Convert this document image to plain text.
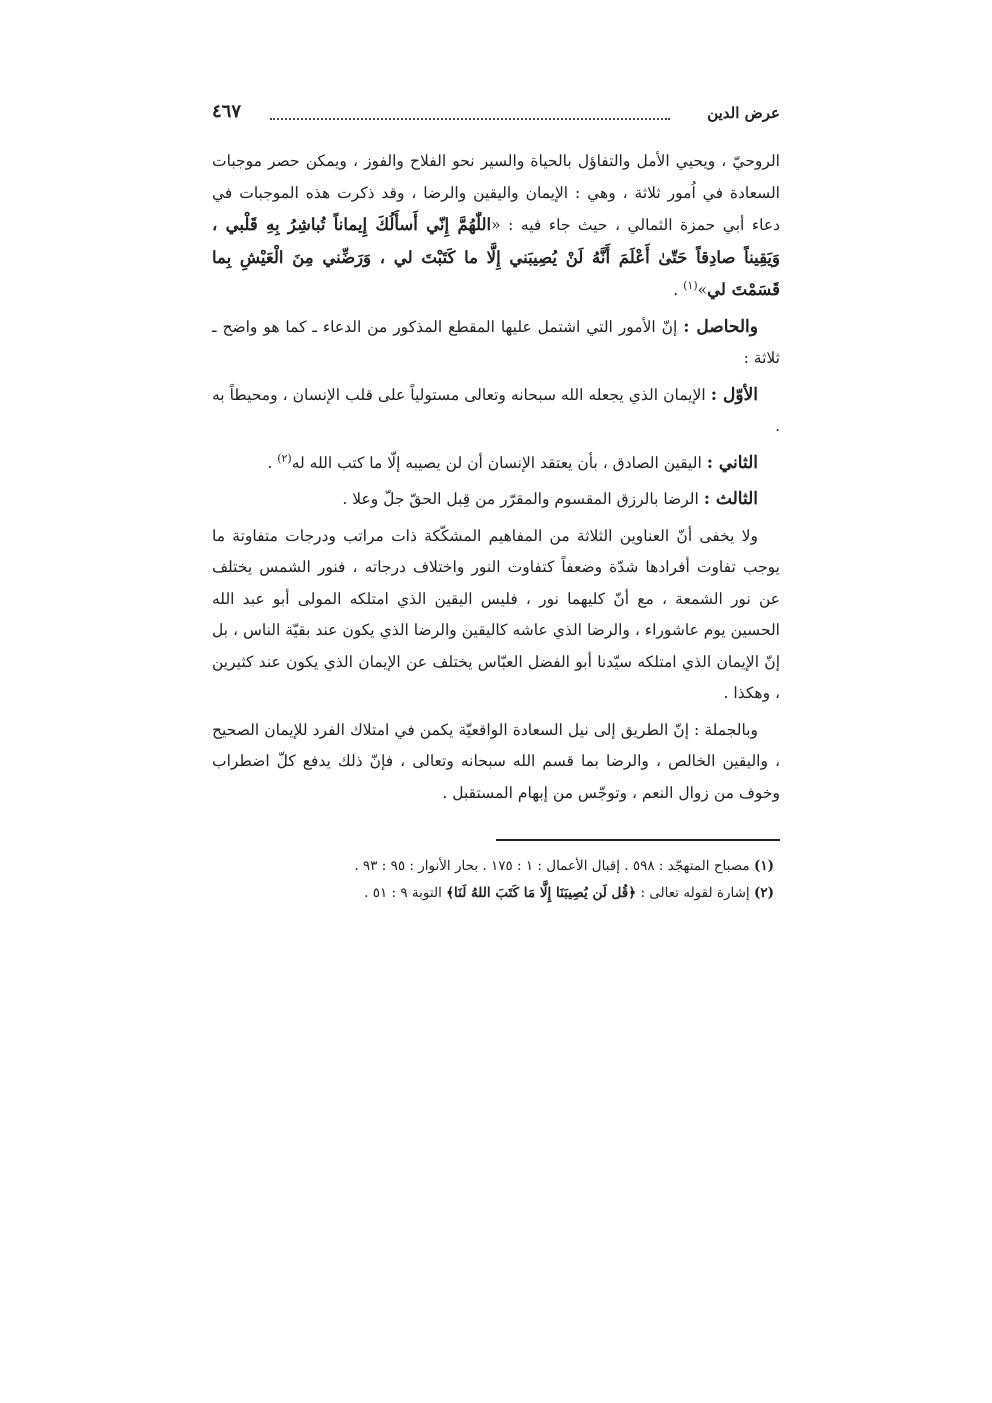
عرض الدين
٤٦٧

الروحيّ ، ويحيي الأمل والتفاؤل بالحياة والسير نحو الفلاح والفوز ، ويمكن حصر موجبات السعادة في اُمور ثلاثة ، وهي : الإيمان واليقين والرضا ، وقد ذكرت هذه الموجبات في دعاء أبي حمزة الثمالي ، حيث جاء فيه : «اللّٰهُمَّ إِنّي أَسأَلُكَ إِيماناً تُباشِرُ بِهِ قَلْبي ، وَيَقِيناً صادِقاً حَتّىٰ أَعْلَمَ أَنَّهُ لَنْ يُصِيبَني إِلَّا ما كَتَبْتَ لي ، وَرَضِّني مِنَ الْعَيْشِ بِما قَسَمْتَ لي»$^{(١)}$ .

والحاصل : إنّ الأمور التي اشتمل عليها المقطع المذكور من الدعاء ـ كما هو واضح ـ ثلاثة :

الأوّل : الإيمان الذي يجعله الله سبحانه وتعالى مستولياً على قلب الإنسان ، ومحيطاً به .

الثاني : اليقين الصادق ، بأن يعتقد الإنسان أن لن يصيبه إلّا ما كتب الله له$^{(٢)}$ .

الثالث : الرضا بالرزق المقسوم والمقرّر من قِبل الحقّ جلّ وعلا .

ولا يخفى أنّ العناوين الثلاثة من المفاهيم المشكّكة ذات مراتب ودرجات متفاوتة ما يوجب تفاوت أفرادها شدّة وضعفاً كتفاوت النور واختلاف درجاته ، فنور الشمس يختلف عن نور الشمعة ، مع أنّ كليهما نور ، فليس اليقين الذي امتلكه المولى أبو عبد الله الحسين يوم عاشوراء ، والرضا الذي عاشه كاليقين والرضا الذي يكون عند بقيّة الناس ، بل إنّ الإيمان الذي امتلكه سيّدنا أبو الفضل العبّاس يختلف عن الإيمان الذي يكون عند كثيرين ، وهكذا .

وبالجملة : إنّ الطريق إلى نيل السعادة الواقعيّة يكمن في امتلاك الفرد للإيمان الصحيح ، واليقين الخالص ، والرضا بما قسم الله سبحانه وتعالى ، فإنّ ذلك يدفع كلّ اضطراب وخوف من زوال النعم ، وتوجّس من إبهام المستقبل .

(١) مصباح المتهجّد : ٥٩٨ . إقبال الأعمال : ١ : ١٧٥ . بحار الأنوار : ٩٥ : ٩٣ .

(٢) إشارة لقوله تعالى : ﴿قُل لَن يُصِيبَنَا إِلَّا مَا كَتَبَ اللهُ لَنَا﴾ التوبة ٩ : ٥١ .
